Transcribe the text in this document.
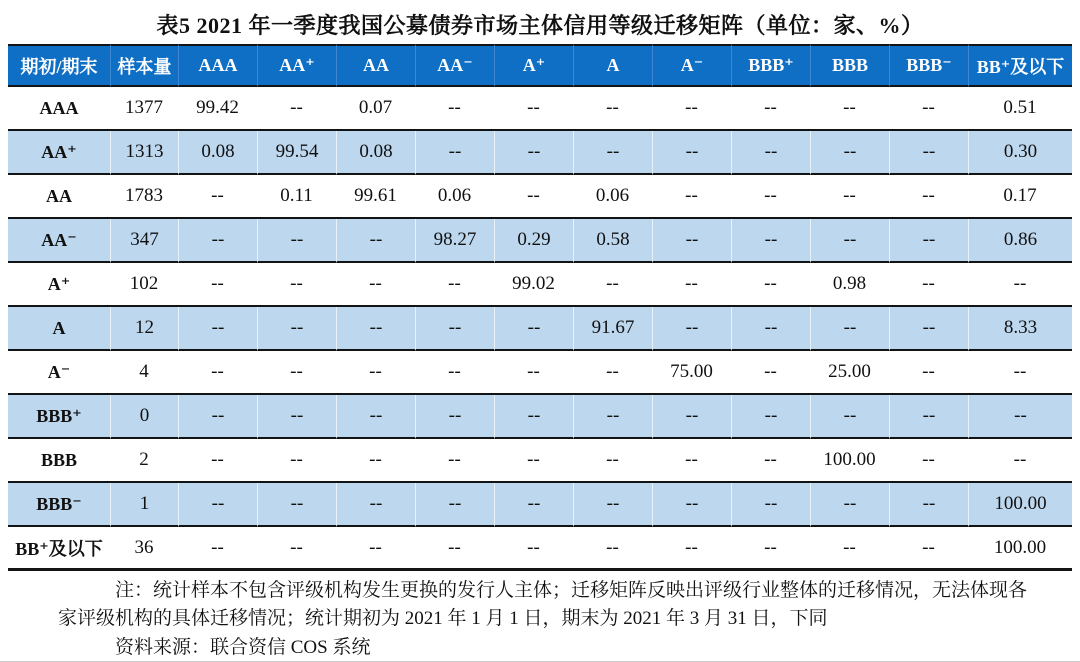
表5 2021 年一季度我国公募债券市场主体信用等级迁移矩阵（单位：家、%）
期初/期末	样本量	AAA	AA⁺	AA	AA⁻	A⁺	A	A⁻	BBB⁺	BBB	BBB⁻	BB⁺及以下
AAA	1377	99.42	--	0.07	--	--	--	--	--	--	--	0.51
AA⁺	1313	0.08	99.54	0.08	--	--	--	--	--	--	--	0.30
AA	1783	--	0.11	99.61	0.06	--	0.06	--	--	--	--	0.17
AA⁻	347	--	--	--	98.27	0.29	0.58	--	--	--	--	0.86
A⁺	102	--	--	--	--	99.02	--	--	--	0.98	--	--
A	12	--	--	--	--	--	91.67	--	--	--	--	8.33
A⁻	4	--	--	--	--	--	--	75.00	--	25.00	--	--
BBB⁺	0	--	--	--	--	--	--	--	--	--	--	--
BBB	2	--	--	--	--	--	--	--	--	100.00	--	--
BBB⁻	1	--	--	--	--	--	--	--	--	--	--	100.00
BB⁺及以下	36	--	--	--	--	--	--	--	--	--	--	100.00
注：统计样本不包含评级机构发生更换的发行人主体；迁移矩阵反映出评级行业整体的迁移情况，无法体现各家评级机构的具体迁移情况；统计期初为 2021 年 1 月 1 日，期末为 2021 年 3 月 31 日，下同
资料来源：联合资信 COS 系统
